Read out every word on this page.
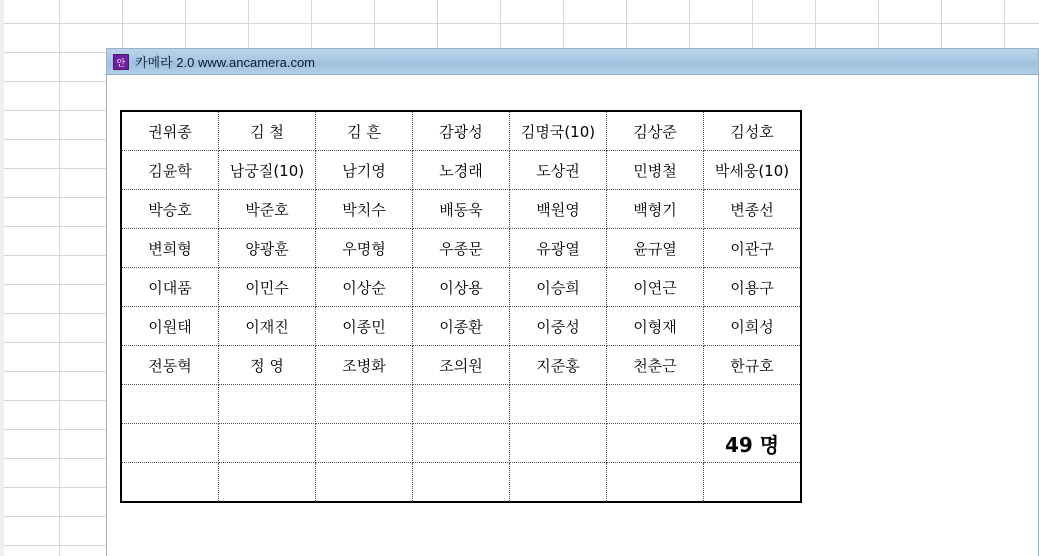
안 카메라 2.0 www.ancamera.com
권위종	김 철	김 흔	감광성	김명국(10)	김상준	김성호
김윤학	남궁질(10)	남기영	노경래	도상권	민병철	박세웅(10)
박승호	박준호	박치수	배동욱	백원영	백형기	변종선
변희형	양광훈	우명형	우종문	유광열	윤규열	이관구
이대품	이민수	이상순	이상용	이승희	이연근	이용구
이원태	이재진	이종민	이종환	이중성	이형재	이희성
전동혁	정 영	조병화	조의원	지준홍	천춘근	한규호

						49 명
